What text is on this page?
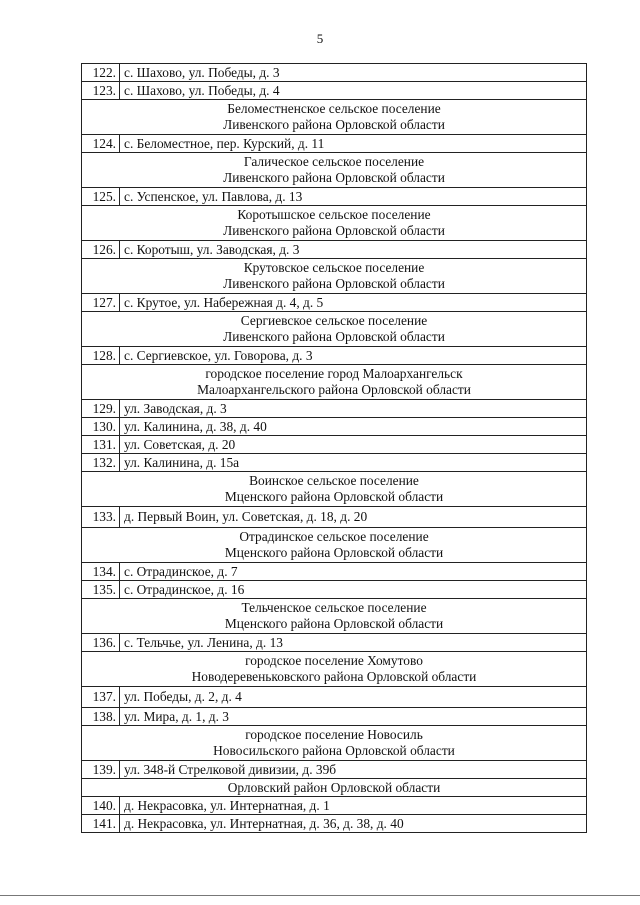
5
122.	с. Шахово, ул. Победы, д. 3
123.	с. Шахово, ул. Победы, д. 4

Беломестненское сельское поселение
Ливенского района Орловской области	

124.	с. Беломестное, пер. Курский, д. 11

Галическое сельское поселение
Ливенского района Орловской области	

125.	с. Успенское, ул. Павлова, д. 13

Коротышское сельское поселение
Ливенского района Орловской области	

126.	с. Коротыш, ул. Заводская, д. 3

Крутовское сельское поселение
Ливенского района Орловской области	

127.	с. Крутое, ул. Набережная д. 4, д. 5

Сергиевское сельское поселение
Ливенского района Орловской области	

128.	с. Сергиевское, ул. Говорова, д. 3

городское поселение город Малоархангельск
Малоархангельского района Орловской области	

129.	ул. Заводская, д. 3
130.	ул. Калинина, д. 38, д. 40
131.	ул. Советская, д. 20
132.	ул. Калинина, д. 15а

Воинское сельское поселение
Мценского района Орловской области	

133.	д. Первый Воин, ул. Советская, д. 18, д. 20

Отрадинское сельское поселение
Мценского района Орловской области	

134.	с. Отрадинское, д. 7
135.	с. Отрадинское, д. 16

Тельченское сельское поселение
Мценского района Орловской области	

136.	с. Тельчье, ул. Ленина, д. 13

городское поселение Хомутово
Новодеревеньковского района Орловской области	

137.	ул. Победы, д. 2, д. 4
138.	ул. Мира, д. 1, д. 3

городское поселение Новосиль
Новосильского района Орловской области	

139.	ул. 348-й Стрелковой дивизии, д. 39б

Орловский район Орловской области	

140.	д. Некрасовка, ул. Интернатная, д. 1
141.	д. Некрасовка, ул. Интернатная, д. 36, д. 38, д. 40
